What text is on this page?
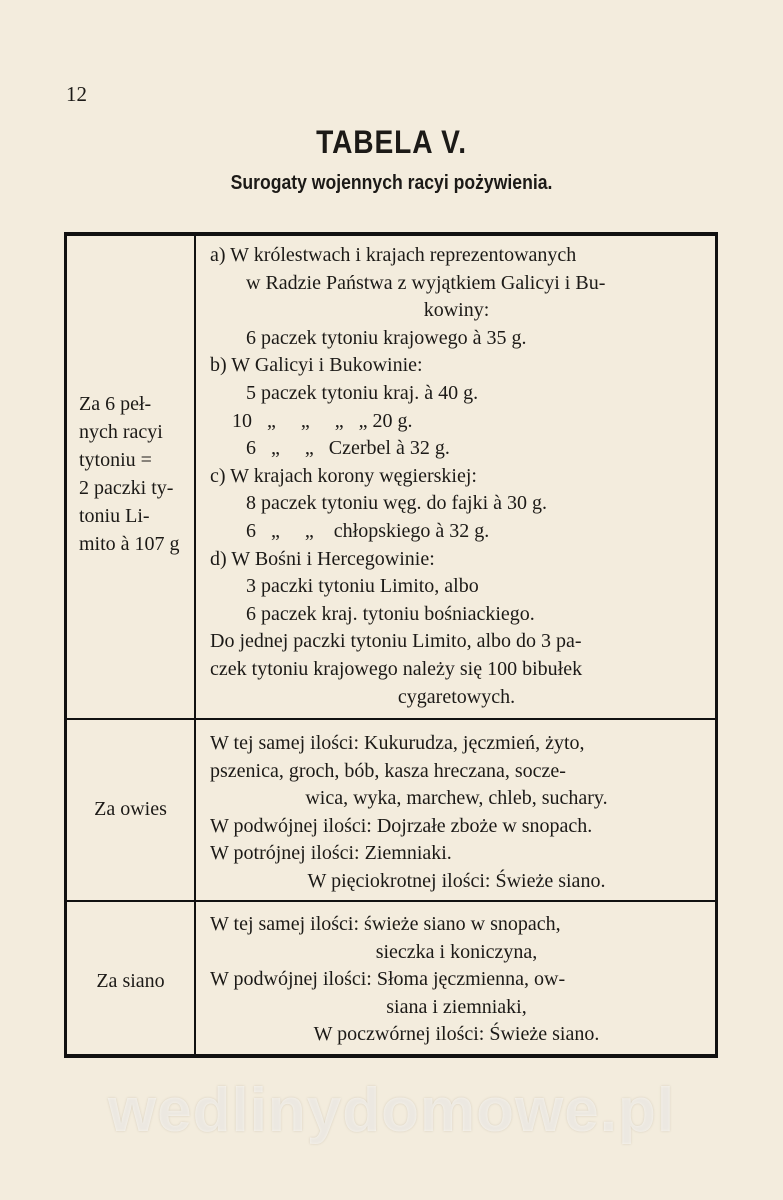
12
TABELA V.
Surogaty wojennych racyi pożywienia.
Za 6 peł-
nych racyi
tytoniu =
2 paczki ty-
toniu Li-
mito à 107 g
a) W królestwach i krajach reprezentowanych
w Radzie Państwa z wyjątkiem Galicyi i Bu-
kowiny:
6 paczek tytoniu krajowego à 35 g.
b) W Galicyi i Bukowinie:
5 paczek tytoniu kraj. à 40 g.
10   „     „     „   „ 20 g.
6   „     „   Czerbel à 32 g.
c) W krajach korony węgierskiej:
8 paczek tytoniu węg. do fajki à 30 g.
6   „     „    chłopskiego à 32 g.
d) W Bośni i Hercegowinie:
3 paczki tytoniu Limito, albo
6 paczek kraj. tytoniu bośniackiego.
Do jednej paczki tytoniu Limito, albo do 3 pa-
czek tytoniu krajowego należy się 100 bibułek
cygaretowych.
Za owies
W tej samej ilości: Kukurudza, jęczmień, żyto,
pszenica, groch, bób, kasza hreczana, socze-
wica, wyka, marchew, chleb, suchary.
W podwójnej ilości: Dojrzałe zboże w snopach.
W potrójnej ilości: Ziemniaki.
W pięciokrotnej ilości: Świeże siano.
Za siano
W tej samej ilości: świeże siano w snopach,
sieczka i koniczyna,
W podwójnej ilości: Słoma jęczmienna, ow-
siana i ziemniaki,
W poczwórnej ilości: Świeże siano.
wedlinydomowe.pl
